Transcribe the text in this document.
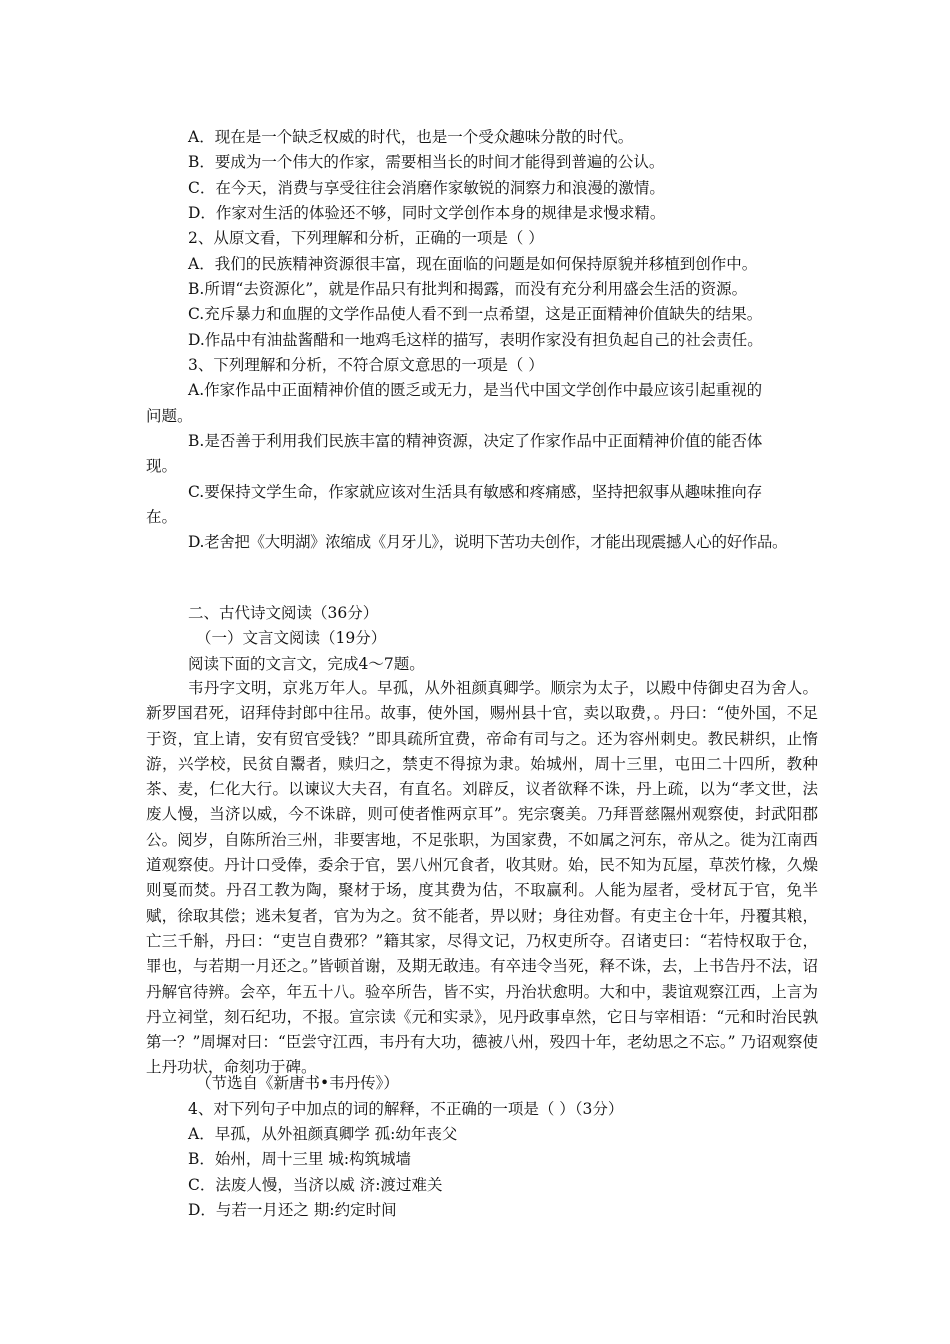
A．现在是一个缺乏权威的时代，也是一个受众趣味分散的时代。
B．要成为一个伟大的作家，需要相当长的时间才能得到普遍的公认。
C．在今天，消费与享受往往会消磨作家敏锐的洞察力和浪漫的激情。
D．作家对生活的体验还不够，同时文学创作本身的规律是求慢求精。
2、从原文看，下列理解和分析，正确的一项是（ ）
A．我们的民族精神资源很丰富，现在面临的问题是如何保持原貌并移植到创作中。
B.所谓“去资源化”，就是作品只有批判和揭露，而没有充分利用盛会生活的资源。
C.充斥暴力和血腥的文学作品使人看不到一点希望，这是正面精神价值缺失的结果。
D.作品中有油盐酱醋和一地鸡毛这样的描写，表明作家没有担负起自己的社会责任。
3、下列理解和分析，不符合原文意思的一项是（ ）
A.作家作品中正面精神价值的匮乏或无力，是当代中国文学创作中最应该引起重视的
问题。
B.是否善于利用我们民族丰富的精神资源，决定了作家作品中正面精神价值的能否体
现。
C.要保持文学生命，作家就应该对生活具有敏感和疼痛感，坚持把叙事从趣味推向存
在。
D.老舍把《大明湖》浓缩成《月牙儿》，说明下苦功夫创作，才能出现震撼人心的好作品。
二、古代诗文阅读（36分）
（一）文言文阅读（19分）
阅读下面的文言文，完成4～7题。
韦丹字文明，京兆万年人。早孤，从外祖颜真卿学。顺宗为太子，以殿中侍御史召为舍人。新罗国君死，诏拜侍封郎中往吊。故事，使外国，赐州县十官，卖以取费，。丹曰：“使外国，不足于资，宜上请，安有贸官受钱？”即具疏所宜费，帝命有司与之。还为容州刺史。教民耕织，止惰游，兴学校，民贫自鬻者，赎归之，禁吏不得掠为隶。始城州，周十三里，屯田二十四所，教种茶、麦，仁化大行。以谏议大夫召，有直名。刘辟反，议者欲释不诛，丹上疏，以为“孝文世，法废人慢，当济以威，今不诛辟，则可使者惟两京耳”。宪宗褒美。乃拜晋慈隰州观察使，封武阳郡公。阅岁，自陈所治三州，非要害地，不足张职，为国家费，不如属之河东，帝从之。徙为江南西道观察使。丹计口受俸，委余于官，罢八州冗食者，收其财。始，民不知为瓦屋，草茨竹椽，久燥则戛而焚。丹召工教为陶，聚材于场，度其费为估，不取赢利。人能为屋者，受材瓦于官，免半赋，徐取其偿；逃未复者，官为为之。贫不能者，畀以财；身往劝督。有吏主仓十年，丹覆其粮，亡三千斛，丹曰：“吏岂自费邪？”籍其家，尽得文记，乃权吏所夺。召诸吏曰：“若恃权取于仓，罪也，与若期一月还之。”皆顿首谢，及期无敢违。有卒违令当死，释不诛，去，上书告丹不法，诏丹解官待辨。会卒，年五十八。验卒所告，皆不实，丹治状愈明。大和中，裴谊观察江西，上言为丹立祠堂，刻石纪功，不报。宣宗读《元和实录》，见丹政事卓然，它日与宰相语：“元和时治民孰第一？”周墀对曰：“臣尝守江西，韦丹有大功，德被八州，殁四十年，老幼思之不忘。” 乃诏观察使上丹功状，命刻功于碑。
（节选自《新唐书•韦丹传》）
4、对下列句子中加点的词的解释，不正确的一项是（ ）（3分）
A．早孤，从外祖颜真卿学 孤:幼年丧父
B．始州，周十三里 城:构筑城墙
C．法废人慢，当济以威 济:渡过难关
D．与若一月还之 期:约定时间
